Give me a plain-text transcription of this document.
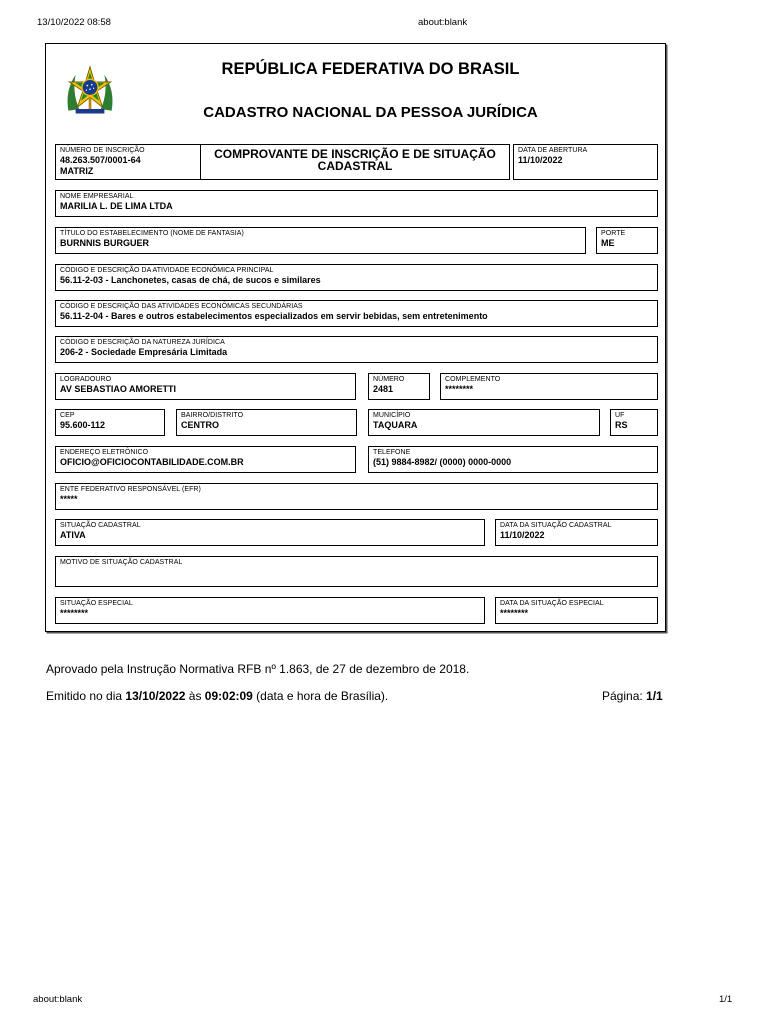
13/10/2022 08:58	about:blank
about:blank	1/1
REPÚBLICA FEDERATIVA DO BRASIL
CADASTRO NACIONAL DA PESSOA JURÍDICA
NÚMERO DE INSCRIÇÃO
48.263.507/0001-64
MATRIZ
COMPROVANTE DE INSCRIÇÃO E DE SITUAÇÃO
CADASTRAL
DATA DE ABERTURA
11/10/2022
NOME EMPRESARIAL
MARILIA L. DE LIMA LTDA
TÍTULO DO ESTABELECIMENTO (NOME DE FANTASIA)
BURNNIS BURGUER
PORTE
ME
CÓDIGO E DESCRIÇÃO DA ATIVIDADE ECONÔMICA PRINCIPAL
56.11-2-03 - Lanchonetes, casas de chá, de sucos e similares
CÓDIGO E DESCRIÇÃO DAS ATIVIDADES ECONÔMICAS SECUNDÁRIAS
56.11-2-04 - Bares e outros estabelecimentos especializados em servir bebidas, sem entretenimento
CÓDIGO E DESCRIÇÃO DA NATUREZA JURÍDICA
206-2 - Sociedade Empresária Limitada
LOGRADOURO
AV SEBASTIAO AMORETTI
NÚMERO
2481
COMPLEMENTO
********
CEP
95.600-112
BAIRRO/DISTRITO
CENTRO
MUNICÍPIO
TAQUARA
UF
RS
ENDEREÇO ELETRÔNICO
OFICIO@OFICIOCONTABILIDADE.COM.BR
TELEFONE
(51) 9884-8982/ (0000) 0000-0000
ENTE FEDERATIVO RESPONSÁVEL (EFR)
*****
SITUAÇÃO CADASTRAL
ATIVA
DATA DA SITUAÇÃO CADASTRAL
11/10/2022
MOTIVO DE SITUAÇÃO CADASTRAL
SITUAÇÃO ESPECIAL
********
DATA DA SITUAÇÃO ESPECIAL
********
Aprovado pela Instrução Normativa RFB nº 1.863, de 27 de dezembro de 2018.
Emitido no dia 13/10/2022 às 09:02:09 (data e hora de Brasília).	Página: 1/1
